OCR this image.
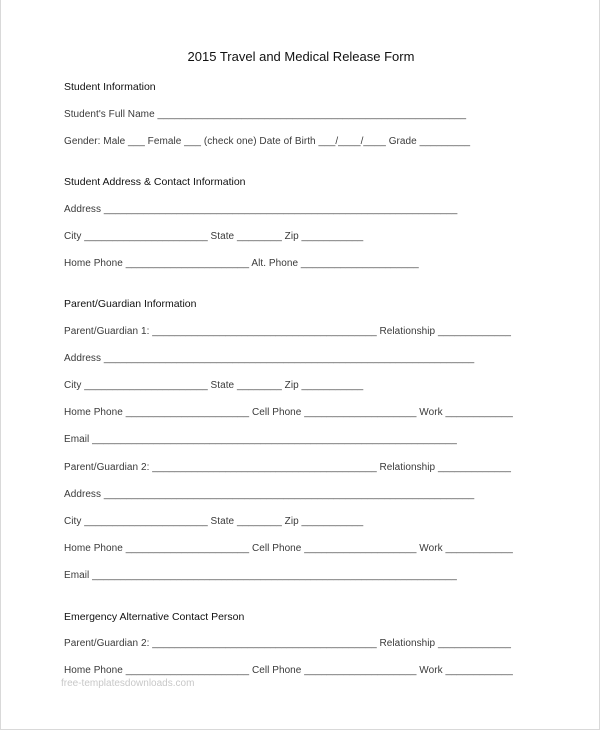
2015 Travel and Medical Release Form
Student Information
Student's Full Name _______________________________________________________
Gender: Male ___ Female ___ (check one) Date of Birth ___/____/____ Grade _________
Student Address & Contact Information
Address _______________________________________________________________
City ______________________ State ________ Zip ___________
Home Phone ______________________ Alt. Phone _____________________
Parent/Guardian Information
Parent/Guardian 1: ________________________________________ Relationship _____________
Address __________________________________________________________________
City ______________________ State ________ Zip ___________
Home Phone ______________________ Cell Phone ____________________ Work ____________
Email _________________________________________________________________
Parent/Guardian 2: ________________________________________ Relationship _____________
Address __________________________________________________________________
City ______________________ State ________ Zip ___________
Home Phone ______________________ Cell Phone ____________________ Work ____________
Email _________________________________________________________________
Emergency Alternative Contact Person
Parent/Guardian 2: ________________________________________ Relationship _____________
Home Phone ______________________ Cell Phone ____________________ Work ____________
free-templatesdownloads.com
